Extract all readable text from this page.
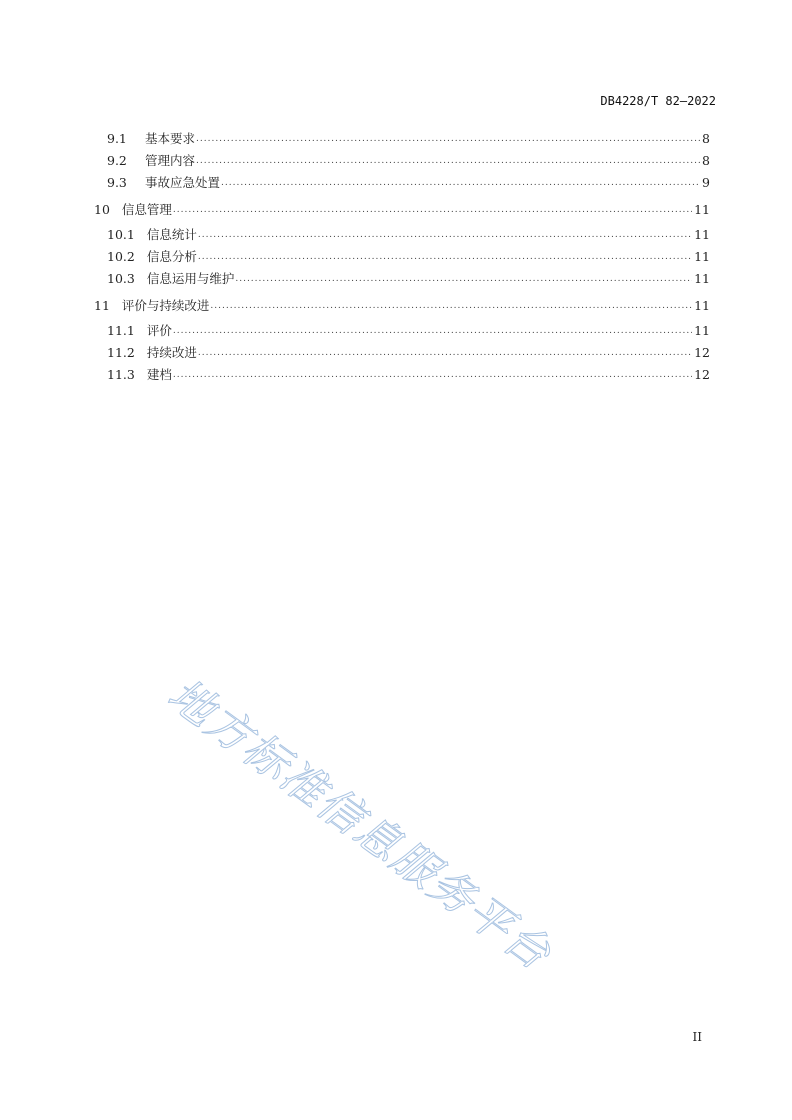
DB4228/T 82—2022
9.1	基本要求 .....	8
9.2	管理内容 .....	8
9.3	事故应急处置 .....	9
10 信息管理 .....	11
10.1 信息统计 .....	11
10.2 信息分析 .....	11
10.3 信息运用与维护 .....	11
11 评价与持续改进 .....	11
11.1 评价 .....	11
11.2 持续改进 .....	12
11.3 建档 .....	12
地方标准信息服务平台
II
